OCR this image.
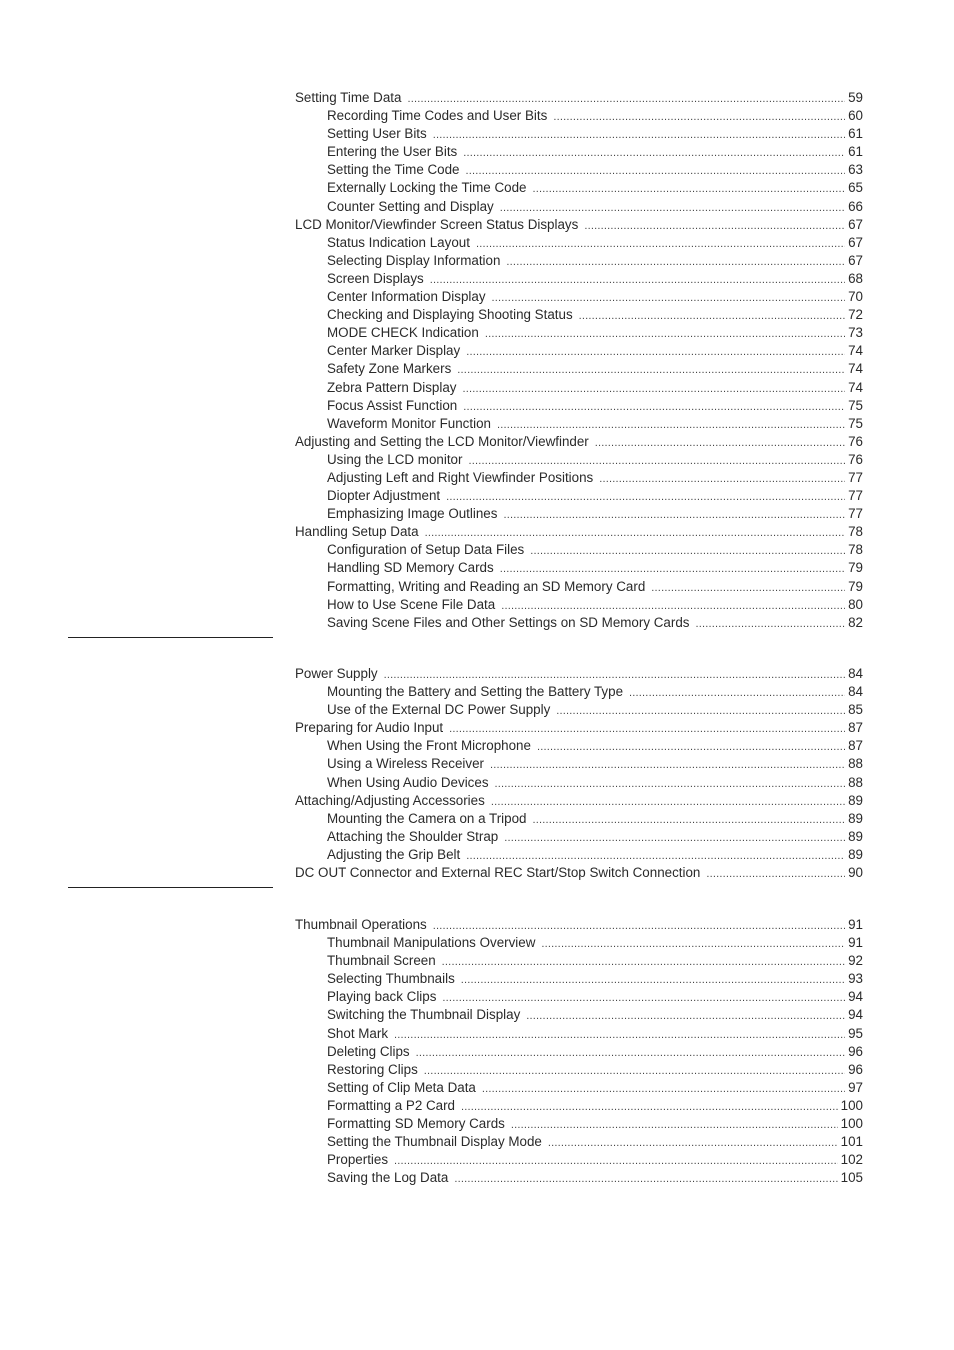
Setting Time Data .....	59
Recording Time Codes and User Bits .....	60
Setting User Bits .....	61
Entering the User Bits .....	61
Setting the Time Code .....	63
Externally Locking the Time Code .....	65
Counter Setting and Display .....	66
LCD Monitor/Viewfinder Screen Status Displays .....	67
Status Indication Layout .....	67
Selecting Display Information .....	67
Screen Displays .....	68
Center Information Display .....	70
Checking and Displaying Shooting Status .....	72
MODE CHECK Indication .....	73
Center Marker Display .....	74
Safety Zone Markers .....	74
Zebra Pattern Display .....	74
Focus Assist Function .....	75
Waveform Monitor Function .....	75
Adjusting and Setting the LCD Monitor/Viewfinder .....	76
Using the LCD monitor .....	76
Adjusting Left and Right Viewfinder Positions .....	77
Diopter Adjustment .....	77
Emphasizing Image Outlines .....	77
Handling Setup Data .....	78
Configuration of Setup Data Files .....	78
Handling SD Memory Cards .....	79
Formatting, Writing and Reading an SD Memory Card .....	79
How to Use Scene File Data .....	80
Saving Scene Files and Other Settings on SD Memory Cards .....	82
Power Supply .....	84
Mounting the Battery and Setting the Battery Type .....	84
Use of the External DC Power Supply .....	85
Preparing for Audio Input .....	87
When Using the Front Microphone .....	87
Using a Wireless Receiver .....	88
When Using Audio Devices .....	88
Attaching/Adjusting Accessories .....	89
Mounting the Camera on a Tripod .....	89
Attaching the Shoulder Strap .....	89
Adjusting the Grip Belt .....	89
DC OUT Connector and External REC Start/Stop Switch Connection .....	90
Thumbnail Operations .....	91
Thumbnail Manipulations Overview .....	91
Thumbnail Screen .....	92
Selecting Thumbnails .....	93
Playing back Clips .....	94
Switching the Thumbnail Display .....	94
Shot Mark .....	95
Deleting Clips .....	96
Restoring Clips .....	96
Setting of Clip Meta Data .....	97
Formatting a P2 Card .....	100
Formatting SD Memory Cards .....	100
Setting the Thumbnail Display Mode .....	101
Properties .....	102
Saving the Log Data .....	105
